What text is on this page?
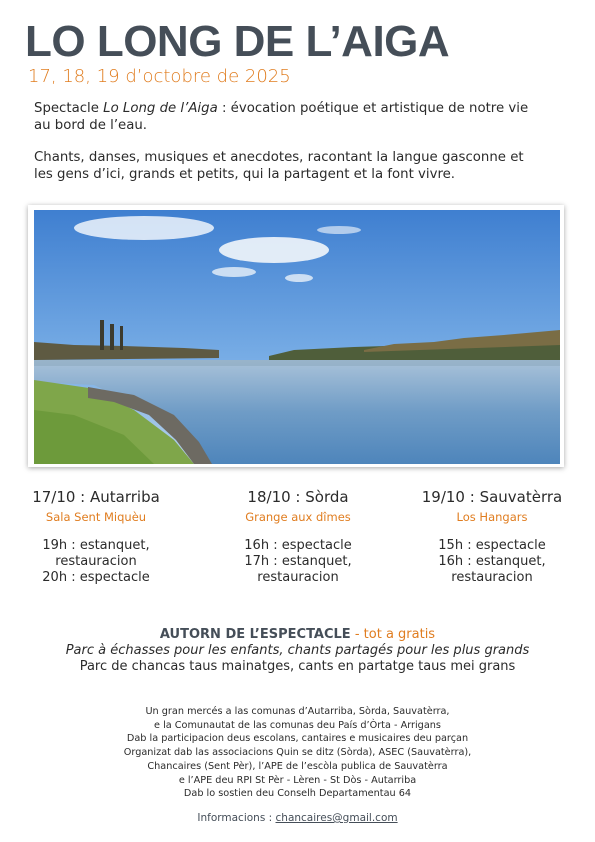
LO LONG DE L’AIGA
17, 18, 19 d’octobre de 2025

Spectacle Lo Long de l’Aiga : évocation poétique et artistique de notre vie au bord de l’eau.

Chants, danses, musiques et anecdotes, racontant la langue gasconne et les gens d’ici, grands et petits, qui la partagent et la font vivre.

17/10 : Autarriba
Sala Sent Miquèu
19h : estanquet,
restauracion
20h : espectacle
18/10 : Sòrda
Grange aux dîmes
16h : espectacle
17h : estanquet,
restauracion
19/10 : Sauvatèrra
Los Hangars
15h : espectacle
16h : estanquet,
restauracion
AUTORN DE L’ESPECTACLE - tot a gratis
Parc à échasses pour les enfants, chants partagés pour les plus grands
Parc de chancas taus mainatges, cants en partatge taus mei grans
Un gran mercés a las comunas d’Autarriba, Sòrda, Sauvatèrra,
e la Comunautat de las comunas deu País d’Òrta - Arrigans
Dab la participacion deus escolans, cantaires e musicaires deu parçan
Organizat dab las associacions Quin se ditz (Sòrda), ASEC (Sauvatèrra),
Chancaires (Sent Pèr), l’APE de l’escòla publica de Sauvatèrra
e l’APE deu RPI St Pèr - Lèren - St Dòs - Autarriba
Dab lo sostien deu Conselh Departamentau 64
Informacions : chancaires@gmail.com
